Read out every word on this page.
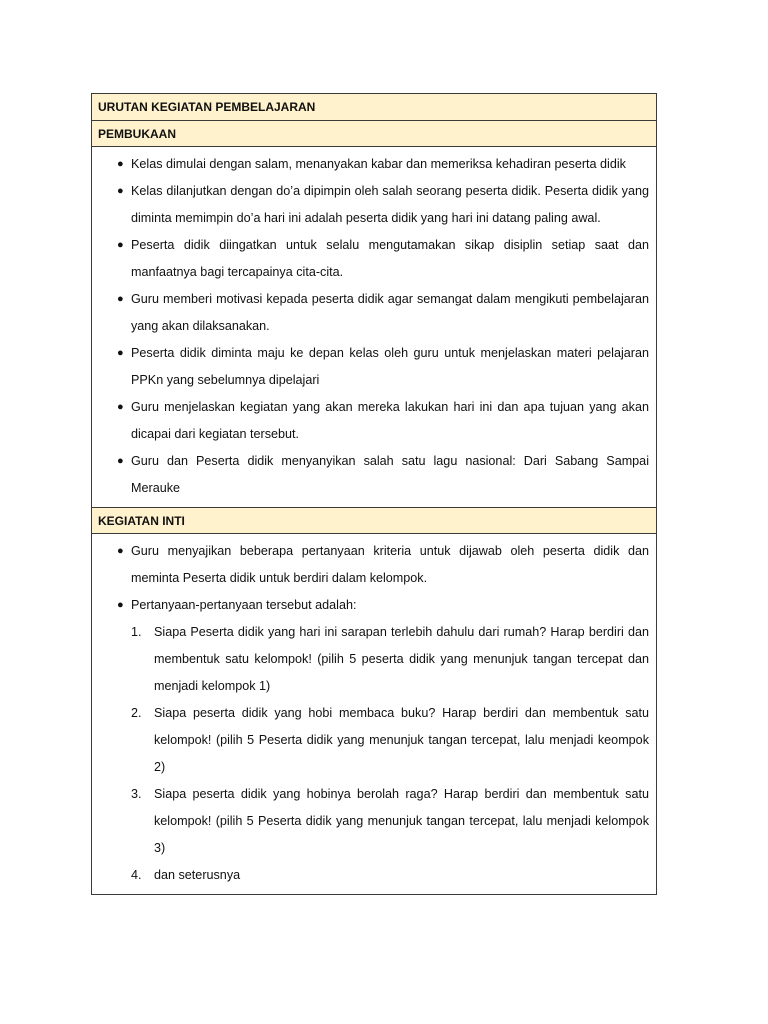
URUTAN KEGIATAN PEMBELAJARAN
PEMBUKAAN
● Kelas dimulai dengan salam, menanyakan kabar dan memeriksa kehadiran peserta didik
● Kelas dilanjutkan dengan do’a dipimpin oleh salah seorang peserta didik. Peserta didik yang diminta memimpin do’a hari ini adalah peserta didik yang hari ini datang paling awal.
● Peserta didik diingatkan untuk selalu mengutamakan sikap disiplin setiap saat dan manfaatnya bagi tercapainya cita-cita.
● Guru memberi motivasi kepada peserta didik agar semangat dalam mengikuti pembelajaran yang akan dilaksanakan.
● Peserta didik diminta maju ke depan kelas oleh guru untuk menjelaskan materi pelajaran PPKn yang sebelumnya dipelajari
● Guru menjelaskan kegiatan yang akan mereka lakukan hari ini dan apa tujuan yang akan dicapai dari kegiatan tersebut.
● Guru dan Peserta didik menyanyikan salah satu lagu nasional: Dari Sabang Sampai Merauke
KEGIATAN INTI
● Guru menyajikan beberapa pertanyaan kriteria untuk dijawab oleh peserta didik dan meminta Peserta didik untuk berdiri dalam kelompok.
● Pertanyaan-pertanyaan tersebut adalah:
1. Siapa Peserta didik yang hari ini sarapan terlebih dahulu dari rumah? Harap berdiri dan membentuk satu kelompok! (pilih 5 peserta didik yang menunjuk tangan tercepat dan menjadi kelompok 1)
2. Siapa peserta didik yang hobi membaca buku? Harap berdiri dan membentuk satu kelompok! (pilih 5 Peserta didik yang menunjuk tangan tercepat, lalu menjadi keompok 2)
3. Siapa peserta didik yang hobinya berolah raga? Harap berdiri dan membentuk satu kelompok! (pilih 5 Peserta didik yang menunjuk tangan tercepat, lalu menjadi kelompok 3)
4. dan seterusnya
